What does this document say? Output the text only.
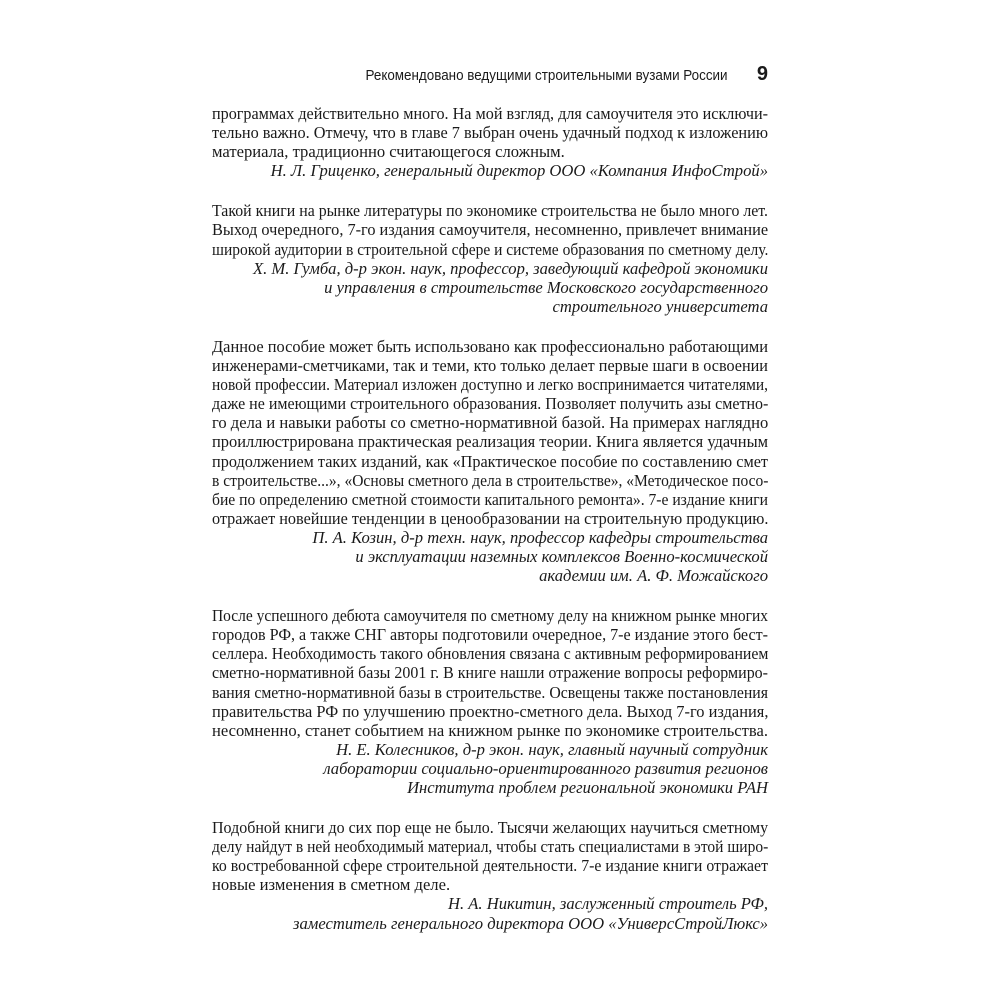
Рекомендовано ведущими строительными вузами России 9

программах действительно много. На мой взгляд, для самоучителя это исключи-
тельно важно. Отмечу, что в главе 7 выбран очень удачный подход к изложению
материала, традиционно считающегося сложным.

Н. Л. Гриценко, генеральный директор ООО «Компания ИнфоСтрой»

Такой книги на рынке литературы по экономике строительства не было много лет.
Выход очередного, 7-го издания самоучителя, несомненно, привлечет внимание
широкой аудитории в строительной сфере и системе образования по сметному делу.

Х. М. Гумба, д-р экон. наук, профессор, заведующий кафедрой экономики
и управления в строительстве Московского государственного
строительного университета

Данное пособие может быть использовано как профессионально работающими
инженерами-сметчиками, так и теми, кто только делает первые шаги в освоении
новой профессии. Материал изложен доступно и легко воспринимается читателями,
даже не имеющими строительного образования. Позволяет получить азы сметно-
го дела и навыки работы со сметно-нормативной базой. На примерах наглядно
проиллюстрирована практическая реализация теории. Книга является удачным
продолжением таких изданий, как «Практическое пособие по составлению смет
в строительстве...», «Основы сметного дела в строительстве», «Методическое посо-
бие по определению сметной стоимости капитального ремонта». 7-е издание книги
отражает новейшие тенденции в ценообразовании на строительную продукцию.

П. А. Козин, д-р техн. наук, профессор кафедры строительства
и эксплуатации наземных комплексов Военно-космической
академии им. А. Ф. Можайского

После успешного дебюта самоучителя по сметному делу на книжном рынке многих
городов РФ, а также СНГ авторы подготовили очередное, 7-е издание этого бест-
селлера. Необходимость такого обновления связана с активным реформированием
сметно-нормативной базы 2001 г. В книге нашли отражение вопросы реформиро-
вания сметно-нормативной базы в строительстве. Освещены также постановления
правительства РФ по улучшению проектно-сметного дела. Выход 7-го издания,
несомненно, станет событием на книжном рынке по экономике строительства.

Н. Е. Колесников, д-р экон. наук, главный научный сотрудник
лаборатории социально-ориентированного развития регионов
Института проблем региональной экономики РАН

Подобной книги до сих пор еще не было. Тысячи желающих научиться сметному
делу найдут в ней необходимый материал, чтобы стать специалистами в этой широ-
ко востребованной сфере строительной деятельности. 7-е издание книги отражает
новые изменения в сметном деле.

Н. А. Никитин, заслуженный строитель РФ,
заместитель генерального директора ООО «УниверсСтройЛюкс»
